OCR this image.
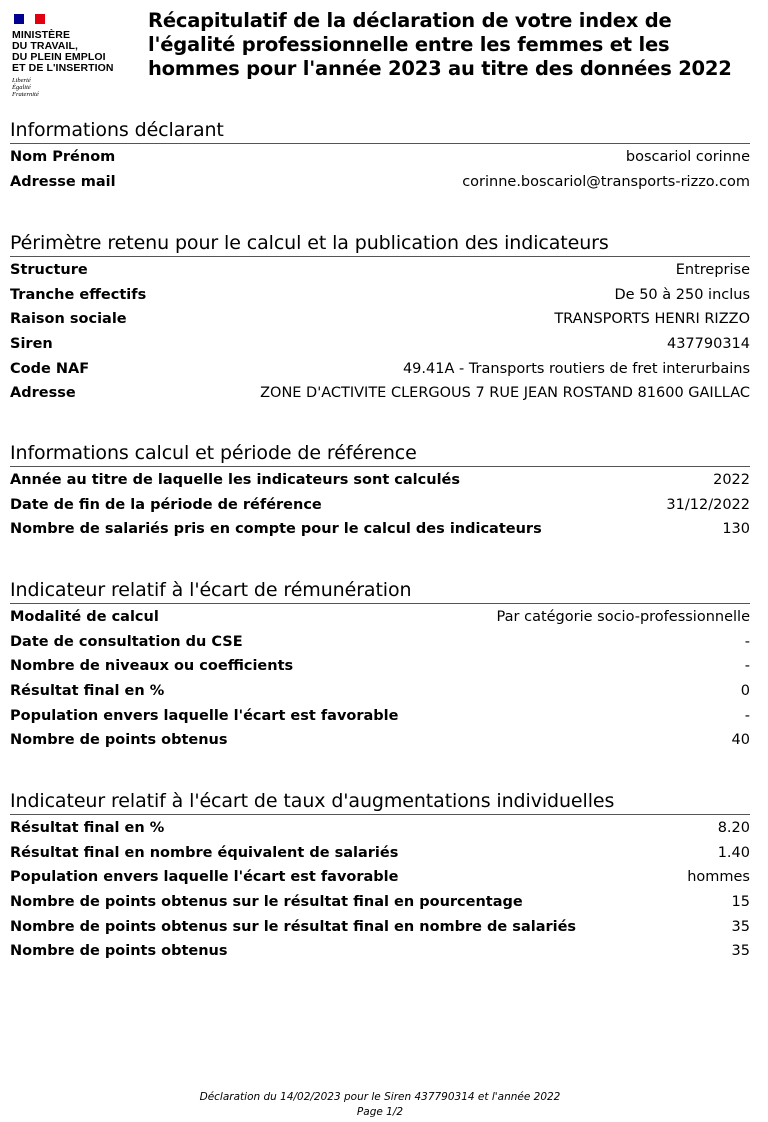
MINISTÈRE
DU TRAVAIL,
DU PLEIN EMPLOI
ET DE L'INSERTION
Liberté
Égalité
Fraternité
Récapitulatif de la déclaration de votre index de l'égalité professionnelle entre les femmes et les hommes pour l'année 2023 au titre des données 2022
Informations déclarant
Nom Prénom	boscariol corinne
Adresse mail	corinne.boscariol@transports-rizzo.com
Périmètre retenu pour le calcul et la publication des indicateurs
Structure	Entreprise
Tranche effectifs	De 50 à 250 inclus
Raison sociale	TRANSPORTS HENRI RIZZO
Siren	437790314
Code NAF	49.41A - Transports routiers de fret interurbains
Adresse	ZONE D'ACTIVITE CLERGOUS 7 RUE JEAN ROSTAND 81600 GAILLAC
Informations calcul et période de référence
Année au titre de laquelle les indicateurs sont calculés	2022
Date de fin de la période de référence	31/12/2022
Nombre de salariés pris en compte pour le calcul des indicateurs	130
Indicateur relatif à l'écart de rémunération
Modalité de calcul	Par catégorie socio-professionnelle
Date de consultation du CSE	-
Nombre de niveaux ou coefficients	-
Résultat final en %	0
Population envers laquelle l'écart est favorable	-
Nombre de points obtenus	40
Indicateur relatif à l'écart de taux d'augmentations individuelles
Résultat final en %	8.20
Résultat final en nombre équivalent de salariés	1.40
Population envers laquelle l'écart est favorable	hommes
Nombre de points obtenus sur le résultat final en pourcentage	15
Nombre de points obtenus sur le résultat final en nombre de salariés	35
Nombre de points obtenus	35
Déclaration du 14/02/2023 pour le Siren 437790314 et l'année 2022
Page 1/2
